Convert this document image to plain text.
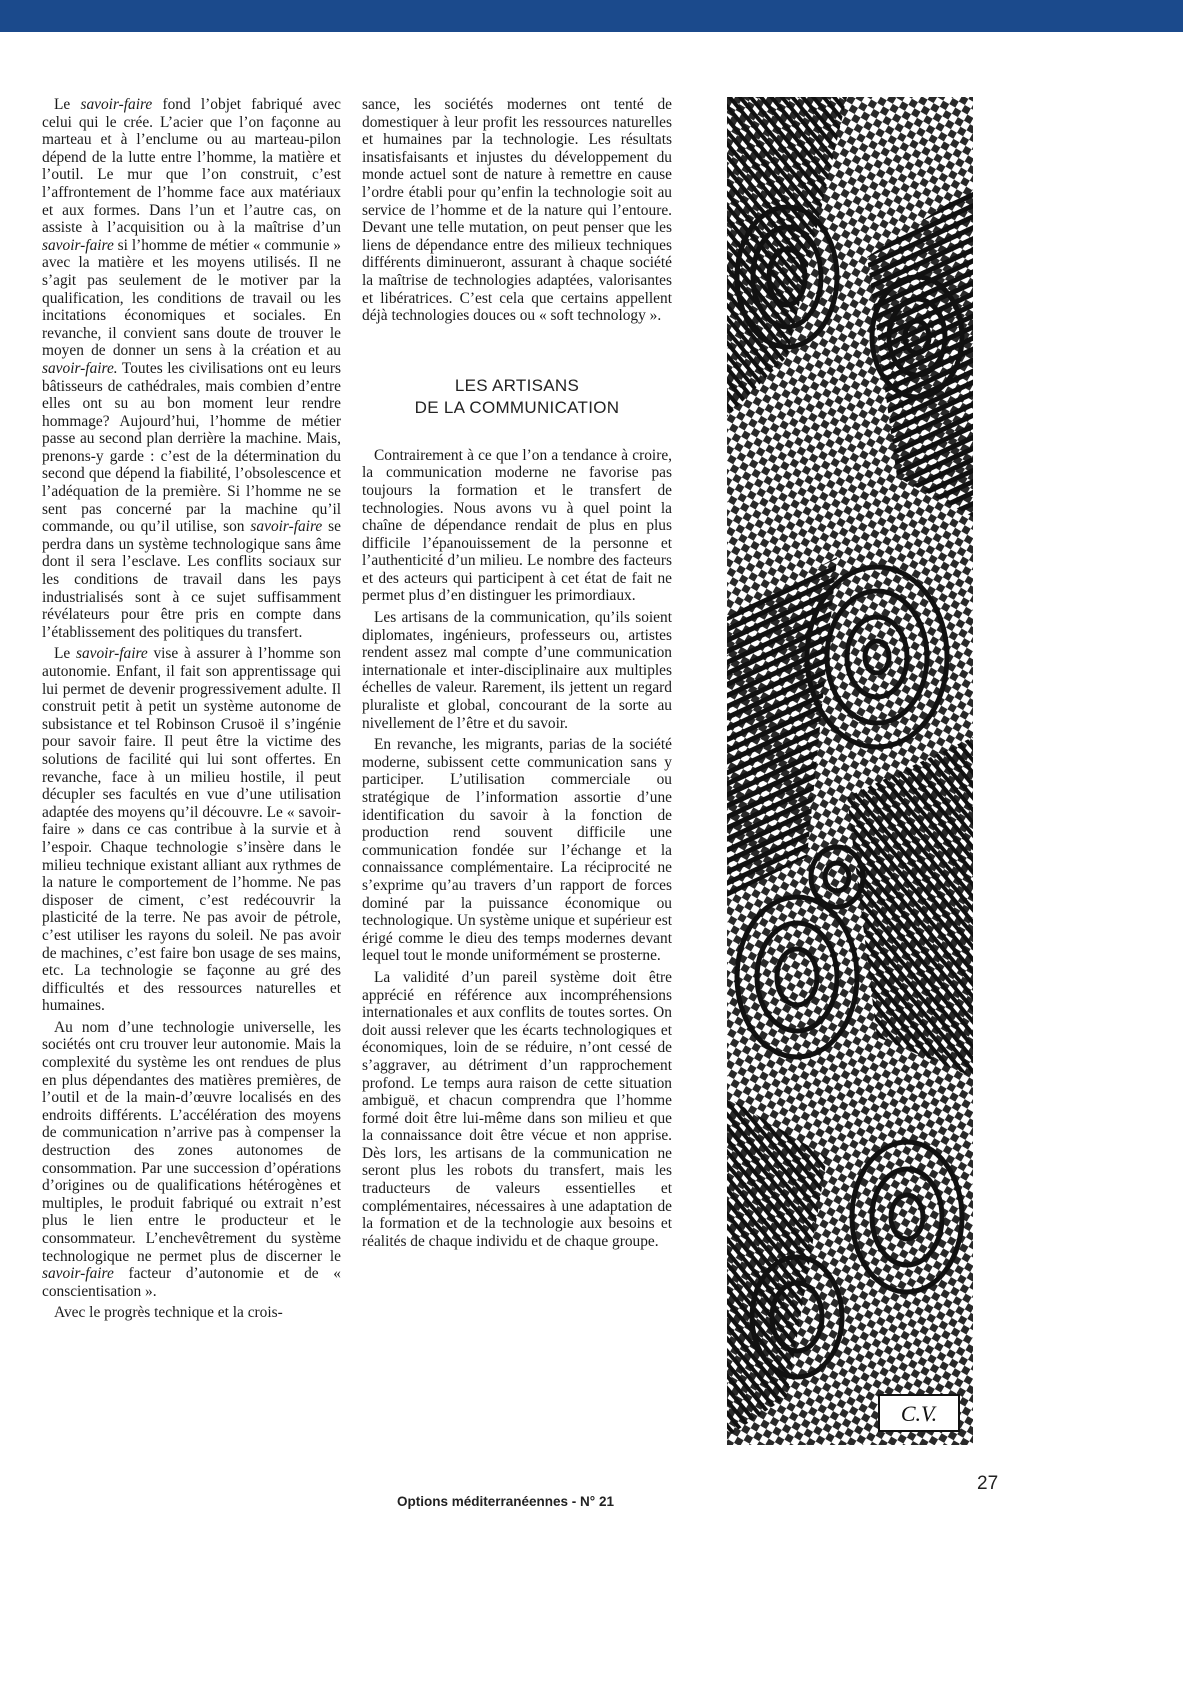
Le savoir-faire fond l’objet fabriqué avec celui qui le crée. L’acier que l’on façonne au marteau et à l’enclume ou au marteau-pilon dépend de la lutte entre l’homme, la matière et l’outil. Le mur que l’on construit, c’est l’affrontement de l’homme face aux matériaux et aux formes. Dans l’un et l’autre cas, on assiste à l’acquisition ou à la maîtrise d’un savoir-faire si l’homme de métier « communie » avec la matière et les moyens utilisés. Il ne s’agit pas seulement de le motiver par la qualification, les conditions de travail ou les incitations économiques et sociales. En revanche, il convient sans doute de trouver le moyen de donner un sens à la création et au savoir-faire. Toutes les civilisations ont eu leurs bâtisseurs de cathédrales, mais combien d’entre elles ont su au bon moment leur rendre hommage? Aujourd’hui, l’homme de métier passe au second plan derrière la machine. Mais, prenons-y garde : c’est de la détermination du second que dépend la fiabilité, l’obsolescence et l’adéquation de la première. Si l’homme ne se sent pas concerné par la machine qu’il commande, ou qu’il utilise, son savoir-faire se perdra dans un système technologique sans âme dont il sera l’esclave. Les conflits sociaux sur les conditions de travail dans les pays industrialisés sont à ce sujet suffisamment révélateurs pour être pris en compte dans l’établissement des politiques du transfert.

Le savoir-faire vise à assurer à l’homme son autonomie. Enfant, il fait son apprentissage qui lui permet de devenir progressivement adulte. Il construit petit à petit un système autonome de subsistance et tel Robinson Crusoë il s’ingénie pour savoir faire. Il peut être la victime des solutions de facilité qui lui sont offertes. En revanche, face à un milieu hostile, il peut décupler ses facultés en vue d’une utilisation adaptée des moyens qu’il découvre. Le « savoir-faire » dans ce cas contribue à la survie et à l’espoir. Chaque technologie s’insère dans le milieu technique existant alliant aux rythmes de la nature le comportement de l’homme. Ne pas disposer de ciment, c’est redécouvrir la plasticité de la terre. Ne pas avoir de pétrole, c’est utiliser les rayons du soleil. Ne pas avoir de machines, c’est faire bon usage de ses mains, etc. La technologie se façonne au gré des difficultés et des ressources naturelles et humaines.

Au nom d’une technologie universelle, les sociétés ont cru trouver leur autonomie. Mais la complexité du système les ont rendues de plus en plus dépendantes des matières premières, de l’outil et de la main-d’œuvre localisés en des endroits différents. L’accélération des moyens de communication n’arrive pas à compenser la destruction des zones autonomes de consommation. Par une succession d’opérations d’origines ou de qualifications hétérogènes et multiples, le produit fabriqué ou extrait n’est plus le lien entre le producteur et le consommateur. L’enchevêtrement du système technologique ne permet plus de discerner le savoir-faire facteur d’autonomie et de « conscientisation ».

Avec le progrès technique et la crois-

sance, les sociétés modernes ont tenté de domestiquer à leur profit les ressources naturelles et humaines par la technologie. Les résultats insatisfaisants et injustes du développement du monde actuel sont de nature à remettre en cause l’ordre établi pour qu’enfin la technologie soit au service de l’homme et de la nature qui l’entoure. Devant une telle mutation, on peut penser que les liens de dépendance entre des milieux techniques différents diminueront, assurant à chaque société la maîtrise de technologies adaptées, valorisantes et libératrices. C’est cela que certains appellent déjà technologies douces ou « soft technology ».

LES ARTISANS
DE LA COMMUNICATION

Contrairement à ce que l’on a tendance à croire, la communication moderne ne favorise pas toujours la formation et le transfert de technologies. Nous avons vu à quel point la chaîne de dépendance rendait de plus en plus difficile l’épanouissement de la personne et l’authenticité d’un milieu. Le nombre des facteurs et des acteurs qui participent à cet état de fait ne permet plus d’en distinguer les primordiaux.

Les artisans de la communication, qu’ils soient diplomates, ingénieurs, professeurs ou, artistes rendent assez mal compte d’une communication internationale et inter-disciplinaire aux multiples échelles de valeur. Rarement, ils jettent un regard pluraliste et global, concourant de la sorte au nivellement de l’être et du savoir.

En revanche, les migrants, parias de la société moderne, subissent cette communication sans y participer. L’utilisation commerciale ou stratégique de l’information assortie d’une identification du savoir à la fonction de production rend souvent difficile une communication fondée sur l’échange et la connaissance complémentaire. La réciprocité ne s’exprime qu’au travers d’un rapport de forces dominé par la puissance économique ou technologique. Un système unique et supérieur est érigé comme le dieu des temps modernes devant lequel tout le monde uniformément se prosterne.

La validité d’un pareil système doit être apprécié en référence aux incompréhensions internationales et aux conflits de toutes sortes. On doit aussi relever que les écarts technologiques et économiques, loin de se réduire, n’ont cessé de s’aggraver, au détriment d’un rapprochement profond. Le temps aura raison de cette situation ambiguë, et chacun comprendra que l’homme formé doit être lui-même dans son milieu et que la connaissance doit être vécue et non apprise. Dès lors, les artisans de la communication ne seront plus les robots du transfert, mais les traducteurs de valeurs essentielles et complémentaires, nécessaires à une adaptation de la formation et de la technologie aux besoins et réalités de chaque individu et de chaque groupe.

C.V.
27
Options méditerranéennes - N° 21
